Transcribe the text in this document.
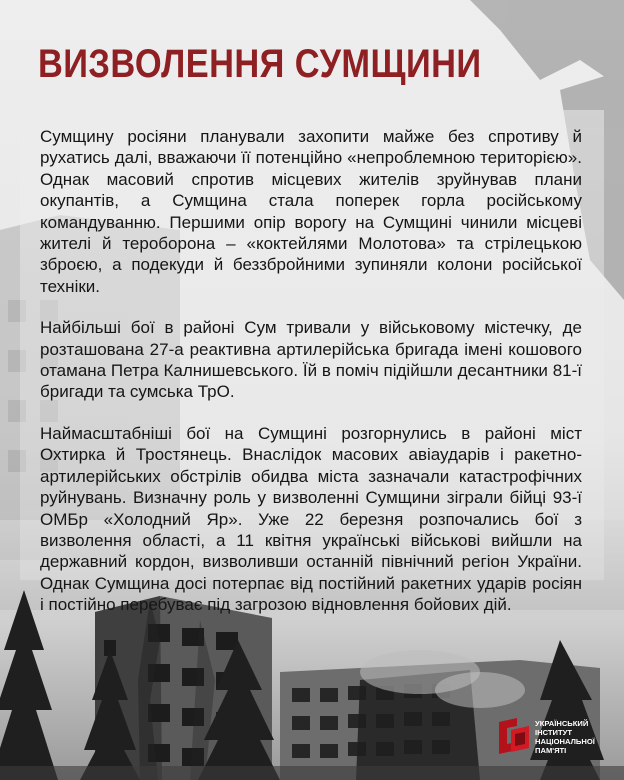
ВИЗВОЛЕННЯ СУМЩИНИ

Сумщину росіяни планували захопити майже без спротиву й рухатись далі, вважаючи її потенційно «непроблемною територією». Однак масовий спротив місцевих жителів зруйнував плани окупантів, а Сумщина стала поперек горла російському командуванню. Першими опір ворогу на Сумщині чинили місцеві жителі й тероборона – «коктейлями Молотова» та стрілецькою зброєю, а подекуди й беззбройними зупиняли колони російської техніки.

Найбільші бої в районі Сум тривали у військовому містечку, де розташована 27-а реактивна артилерійська бригада імені кошового отамана Петра Калнишевського. Їй в поміч підійшли десантники 81-ї бригади та сумська ТрО.

Наймасштабніші бої на Сумщині розгорнулись в районі міст Охтирка й Тростянець. Внаслідок масових авіаударів і ракетно-артилерійських обстрілів обидва міста зазначали катастрофічних руйнувань. Визначну роль у визволенні Сумщини зіграли бійці 93-ї ОМБр «Холодний Яр». Уже 22 березня розпочались бої з визволення області, а 11 квітня українські військові вийшли на державний кордон, визволивши останній північний регіон України. Однак Сумщина досі потерпає від постійний ракетних ударів росіян і постійно перебуває під загрозою відновлення бойових дій.

УКРАЇНСЬКИЙ
ІНСТИТУТ
НАЦІОНАЛЬНОЇ
ПАМ'ЯТІ
